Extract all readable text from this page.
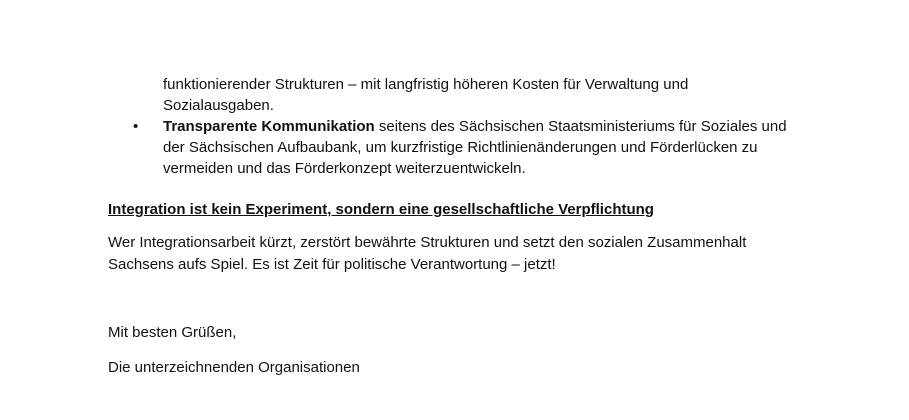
funktionierender Strukturen – mit langfristig höheren Kosten für Verwaltung und
Sozialausgaben.
• Transparente Kommunikation seitens des Sächsischen Staatsministeriums für Soziales und
der Sächsischen Aufbaubank, um kurzfristige Richtlinienänderungen und Förderlücken zu
vermeiden und das Förderkonzept weiterzuentwickeln.
Integration ist kein Experiment, sondern eine gesellschaftliche Verpflichtung
Wer Integrationsarbeit kürzt, zerstört bewährte Strukturen und setzt den sozialen Zusammenhalt
Sachsens aufs Spiel. Es ist Zeit für politische Verantwortung – jetzt!
Mit besten Grüßen,
Die unterzeichnenden Organisationen
